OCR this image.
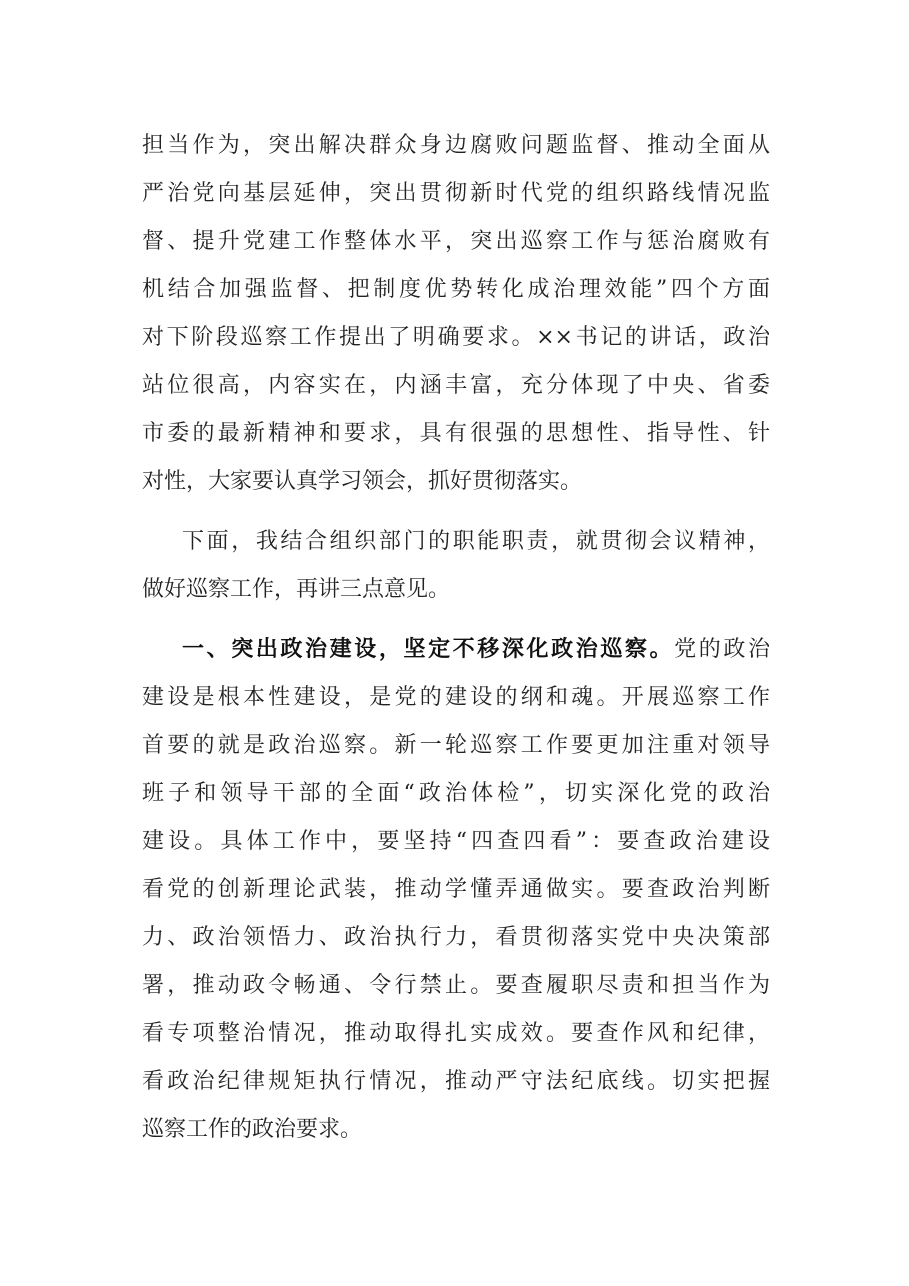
担当作为，突出解决群众身边腐败问题监督、推动全面从
严治党向基层延伸，突出贯彻新时代党的组织路线情况监
督、提升党建工作整体水平，突出巡察工作与惩治腐败有
机结合加强监督、把制度优势转化成治理效能”四个方面
对下阶段巡察工作提出了明确要求。××书记的讲话，政治
站位很高，内容实在，内涵丰富，充分体现了中央、省委
市委的最新精神和要求，具有很强的思想性、指导性、针
对性，大家要认真学习领会，抓好贯彻落实。
下面，我结合组织部门的职能职责，就贯彻会议精神，
做好巡察工作，再讲三点意见。
一、突出政治建设，坚定不移深化政治巡察。党的政治
建设是根本性建设，是党的建设的纲和魂。开展巡察工作
首要的就是政治巡察。新一轮巡察工作要更加注重对领导
班子和领导干部的全面“政治体检”，切实深化党的政治
建设。具体工作中，要坚持“四查四看”：要查政治建设
看党的创新理论武装，推动学懂弄通做实。要查政治判断
力、政治领悟力、政治执行力，看贯彻落实党中央决策部
署，推动政令畅通、令行禁止。要查履职尽责和担当作为
看专项整治情况，推动取得扎实成效。要查作风和纪律，
看政治纪律规矩执行情况，推动严守法纪底线。切实把握
巡察工作的政治要求。
